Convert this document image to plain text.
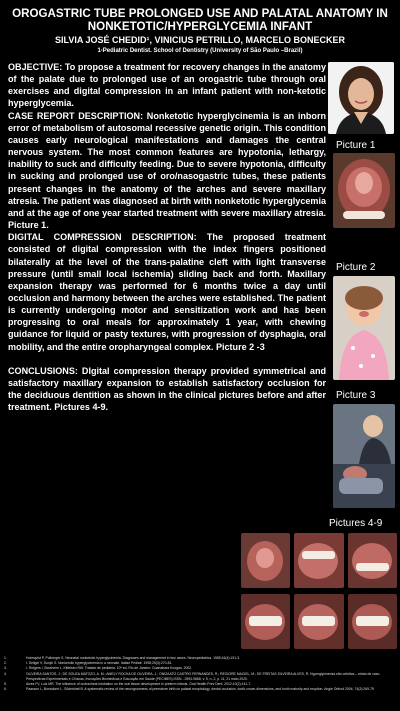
OROGASTRIC TUBE PROLONGED USE AND PALATAL ANATOMY IN NONKETOTIC/HYPERGLYCEMIA INFANT
SILVIA JOSÉ CHEDID¹, VINICIUS PETRILLO, MARCELO BONECKER
1-Pediatric Dentist. School of Dentistry (University of São Paulo –Brazil)

OBJECTIVE: To propose a treatment for recovery changes in the anatomy of the palate due to prolonged use of an orogastric tube through oral exercises and digital compression in an infant patient with non-ketotic hyperglycemia.

CASE REPORT DESCRIPTION: Nonketotic hyperglycinemia is an inborn error of metabolism of autosomal recessive genetic origin. This condition causes early neurological manifestations and damages the central nervous system. The most common features are hypotonia, lethargy, inability to suck and difficulty feeding. Due to severe hypotonia, difficulty in sucking and prolonged use of oro/nasogastric tubes, these patients present changes in the anatomy of the arches and severe maxillary atresia. The patient was diagnosed at birth with nonketotic hyperglycemia and at the age of one year started treatment with severe maxillary atresia. Picture 1.

DIGITAL COMPRESSION DESCRIPTION: The proposed treatment consisted of digital compression with the index fingers positioned bilaterally at the level of the trans-palatine cleft with light transverse pressure (until small local ischemia) sliding back and forth. Maxillary expansion therapy was performed for 6 months twice a day until occlusion and harmony between the arches were established. The patient is currently undergoing motor and sensitization work and has been progressing to oral meals for approximately 1 year, with chewing guidance for liquid or pasty textures, with progression of dysphagia, oral mobility, and the entire oropharyngeal complex. Picture 2 -3

CONCLUSIONS: DIgital compression therapy provided symmetrical and satisfactory maxillary expansion to establish satisfactory occlusion for the deciduous dentition as shown in the clinical pictures before and after treatment. Pictures 4-9.

Picture 1
Picture 2
Picture 3
Pictures 4-9
1.	Hoimqvist P, Poiberger S. Neonatal nonketotic hyperglycinemia. Diagnoses and management in two cases. Neuropediatrics. 1985;16(4):191-3.
2.	I. Seligel V, Sunjić S. Nonketotic hyperglycinemia in a neonate. Italian Pediatr. 1998;25(3):270-81.
3.	I. Rutgers I, Borsheim L, Kittelsen RW. Tratado de pediatria. 10ª ed. Rio de Janeiro: Guanabara Koogan, 2002.
4.	OLIVEIRA SANTOS, J.; DE SOUZA MATOZO, A. M.; AMELY ROCHA DE OLIVEIRA, J.; ONIZAATO CASTRO FERNANDES, R.; REGIORE MACIEL, M.; DE FREITAS SILVEIRA ALVES, R. Hyperglycinemia não cetótica – relato de caso. Perspectivas Experimentais e Clínicas, Inovações Biomédicas e Educação em Saúde (PECIBES) ISSN - 2594-9888, v. 5, n. 2, p. 11, 21 maio 2020.
5.	Alves FV, Luiz MR. The influence of orotracheal intubation on the oral tissue development in preterm infants. Oral Health Prev Dent. 2012;10(2):141-7.
6.	Paasson L, Bonsdorm L, Sõderblatt B. A systematic review of the neurogrowness of premature birth on palatal morphology, dental occlusion, tooth-crown-dimensions, and tooth maturity and eruption. Angle Orthod 2004; 74(2):269-79
